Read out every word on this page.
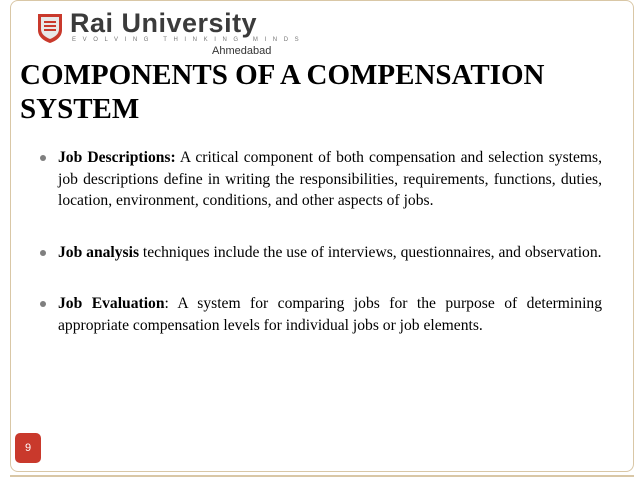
Rai University
EVOLVING THINKING MINDS
Ahmedabad
COMPONENTS OF A COMPENSATION SYSTEM
Job Descriptions: A critical component of both compensation and selection systems, job descriptions define in writing the responsibilities, requirements, functions, duties, location, environment, conditions, and other aspects of jobs.
Job analysis techniques include the use of interviews, questionnaires, and observation.
Job Evaluation: A system for comparing jobs for the purpose of determining appropriate compensation levels for individual jobs or job elements.
9
